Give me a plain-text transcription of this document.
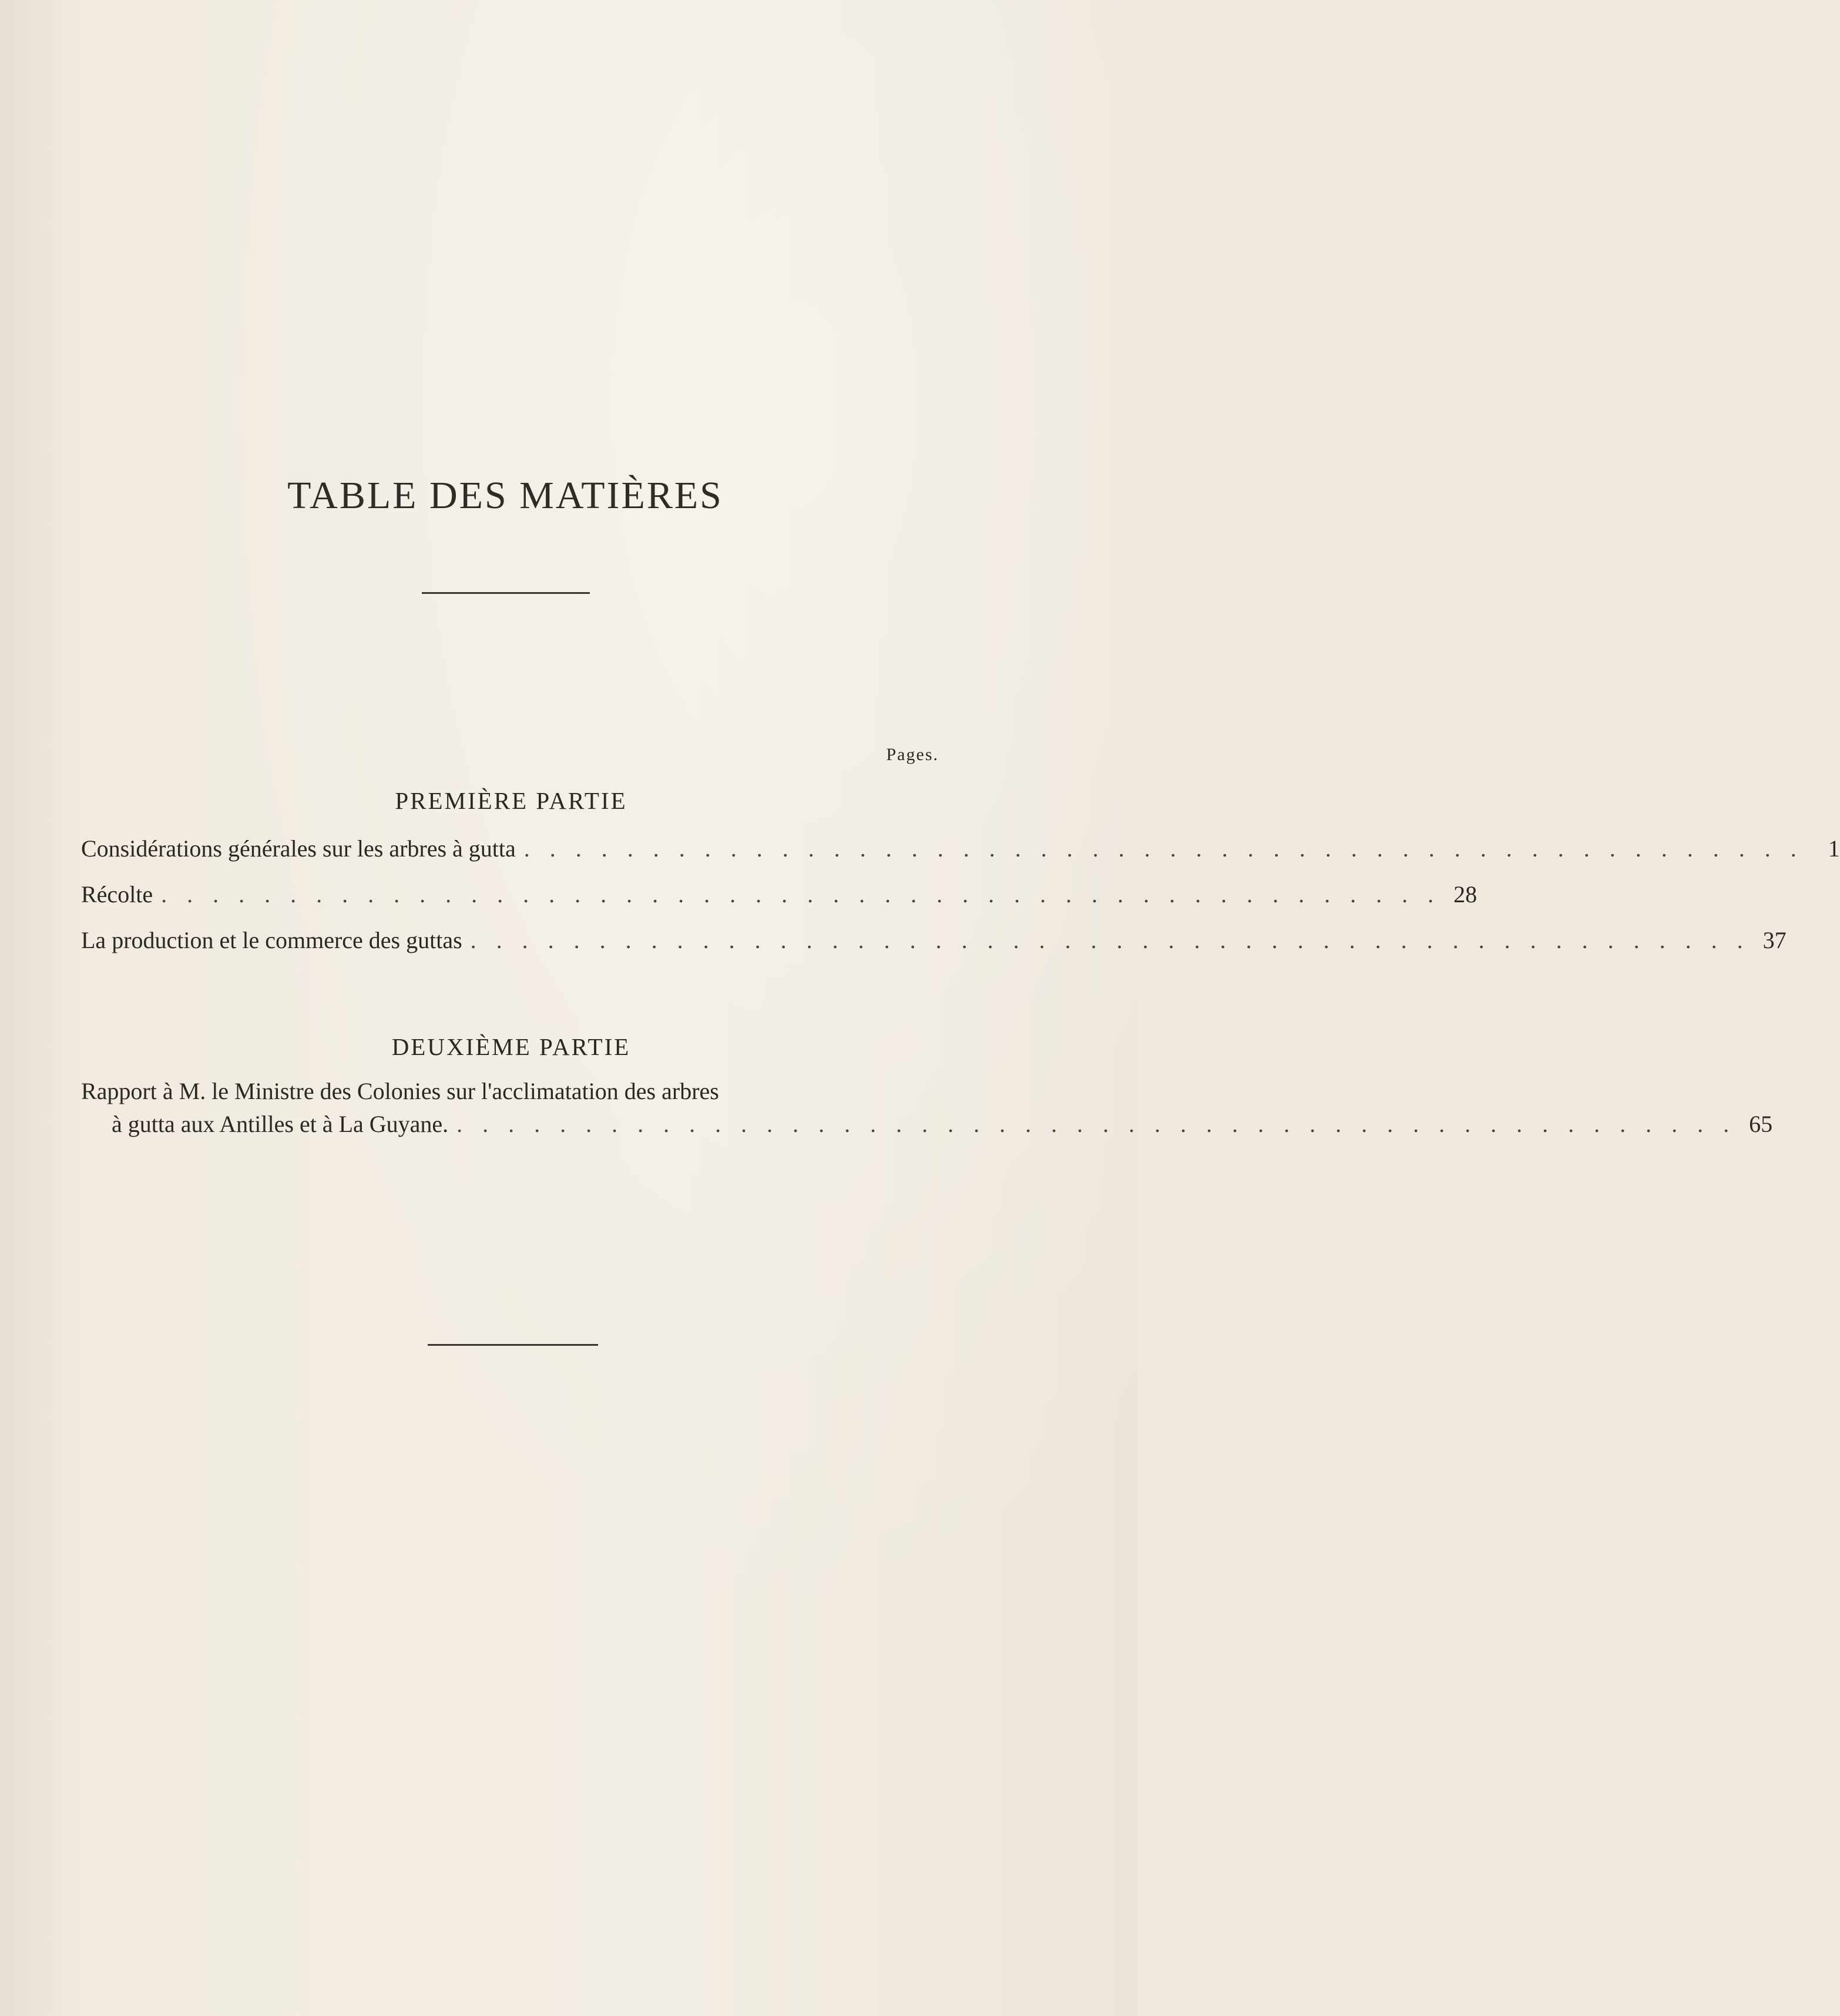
TABLE DES MATIÈRES
Pages.
PREMIÈRE PARTIE
Considérations générales sur les arbres à gutta . . . . . . . . . . . . . . . . . . . . . . . . . . . . . . . . . . . . . . . . . . . . . . . . . .	1
Récolte . . . . . . . . . . . . . . . . . . . . . . . . . . . . . . . . . . . . . . . . . . . . . . . . . . 28
La production et le commerce des guttas . . . . . . . . . . . . . . . . . . . . . . . . . . . . . . . . . . . . . . . . . . . . . . . . . . 37
DEUXIÈME PARTIE
Rapport à M. le Ministre des Colonies sur l'acclimatation des arbres
à gutta aux Antilles et à La Guyane. . . . . . . . . . . . . . . . . . . . . . . . . . . . . . . . . . . . . . . . . . . . . . . . . . . 65
